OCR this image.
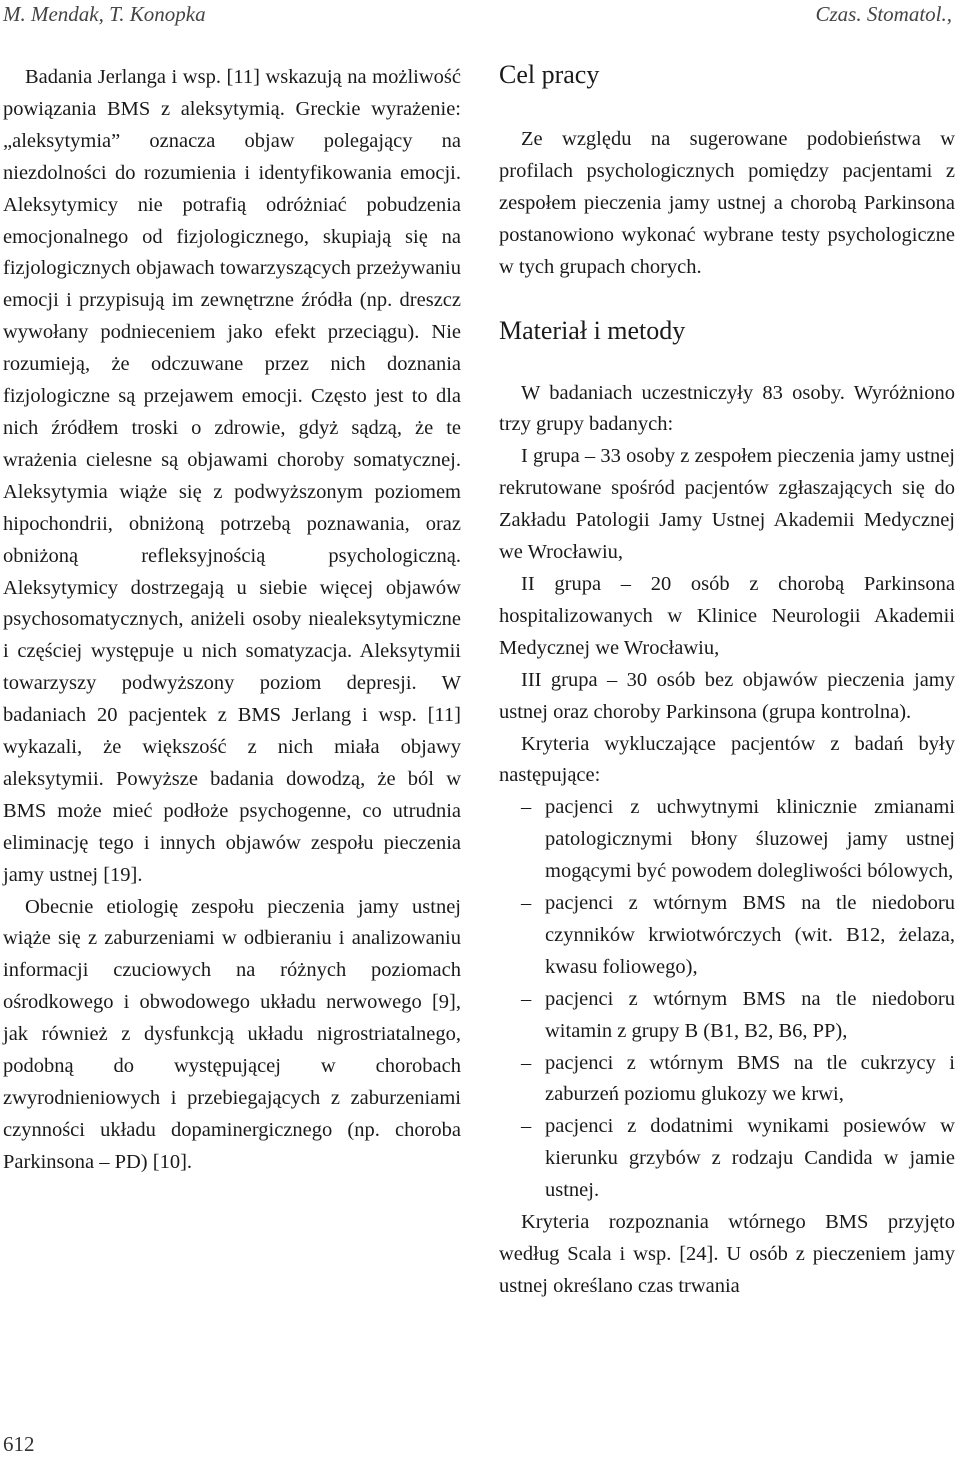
M. Mendak, T. Konopka	Czas. Stomatol.,

Badania Jerlanga i wsp. [11] wskazują na możliwość powiązania BMS z aleksytymią. Greckie wyrażenie: „aleksytymia” oznacza objaw polegający na niezdolności do rozumienia i identyfikowania emocji. Aleksytymicy nie potrafią odróżniać pobudzenia emocjonalnego od fizjologicznego, skupiają się na fizjologicznych objawach towarzyszących przeżywaniu emocji i przypisują im zewnętrzne źródła (np. dreszcz wywołany podnieceniem jako efekt przeciągu). Nie rozumieją, że odczuwane przez nich doznania fizjologiczne są przejawem emocji. Często jest to dla nich źródłem troski o zdrowie, gdyż sądzą, że te wrażenia cielesne są objawami choroby somatycznej. Aleksytymia wiąże się z podwyższonym poziomem hipochondrii, obniżoną potrzebą poznawania, oraz obniżoną refleksyjnością psychologiczną. Aleksytymicy dostrzegają u siebie więcej objawów psychosomatycznych, aniżeli osoby niealeksytymiczne i częściej występuje u nich somatyzacja. Aleksytymii towarzyszy podwyższony poziom depresji. W badaniach 20 pacjentek z BMS Jerlang i wsp. [11] wykazali, że większość z nich miała objawy aleksytymii. Powyższe badania dowodzą, że ból w BMS może mieć podłoże psychogenne, co utrudnia eliminację tego i innych objawów zespołu pieczenia jamy ustnej [19].

Obecnie etiologię zespołu pieczenia jamy ustnej wiąże się z zaburzeniami w odbieraniu i analizowaniu informacji czuciowych na różnych poziomach ośrodkowego i obwodowego układu nerwowego [9], jak również z dysfunkcją układu nigrostriatalnego, podobną do występującej w chorobach zwyrodnieniowych i przebiegających z zaburzeniami czynności układu dopaminergicznego (np. choroba Parkinsona – PD) [10].

Cel pracy

Ze względu na sugerowane podobieństwa w profilach psychologicznych pomiędzy pacjentami z zespołem pieczenia jamy ustnej a chorobą Parkinsona postanowiono wykonać wybrane testy psychologiczne w tych grupach chorych.

Materiał i metody

W badaniach uczestniczyły 83 osoby. Wyróżniono trzy grupy badanych:

I grupa – 33 osoby z zespołem pieczenia jamy ustnej rekrutowane spośród pacjentów zgłaszających się do Zakładu Patologii Jamy Ustnej Akademii Medycznej we Wrocławiu,

II grupa – 20 osób z chorobą Parkinsona hospitalizowanych w Klinice Neurologii Akademii Medycznej we Wrocławiu,

III grupa – 30 osób bez objawów pieczenia jamy ustnej oraz choroby Parkinsona (grupa kontrolna).

Kryteria wykluczające pacjentów z badań były następujące:

– pacjenci z uchwytnymi klinicznie zmianami patologicznymi błony śluzowej jamy ustnej mogącymi być powodem dolegliwości bólowych,
– pacjenci z wtórnym BMS na tle niedoboru czynników krwiotwórczych (wit. B12, żelaza, kwasu foliowego),
– pacjenci z wtórnym BMS na tle niedoboru witamin z grupy B (B1, B2, B6, PP),
– pacjenci z wtórnym BMS na tle cukrzycy i zaburzeń poziomu glukozy we krwi,
– pacjenci z dodatnimi wynikami posiewów w kierunku grzybów z rodzaju Candida w jamie ustnej.

Kryteria rozpoznania wtórnego BMS przyjęto według Scala i wsp. [24]. U osób z pieczeniem jamy ustnej określano czas trwania

612
